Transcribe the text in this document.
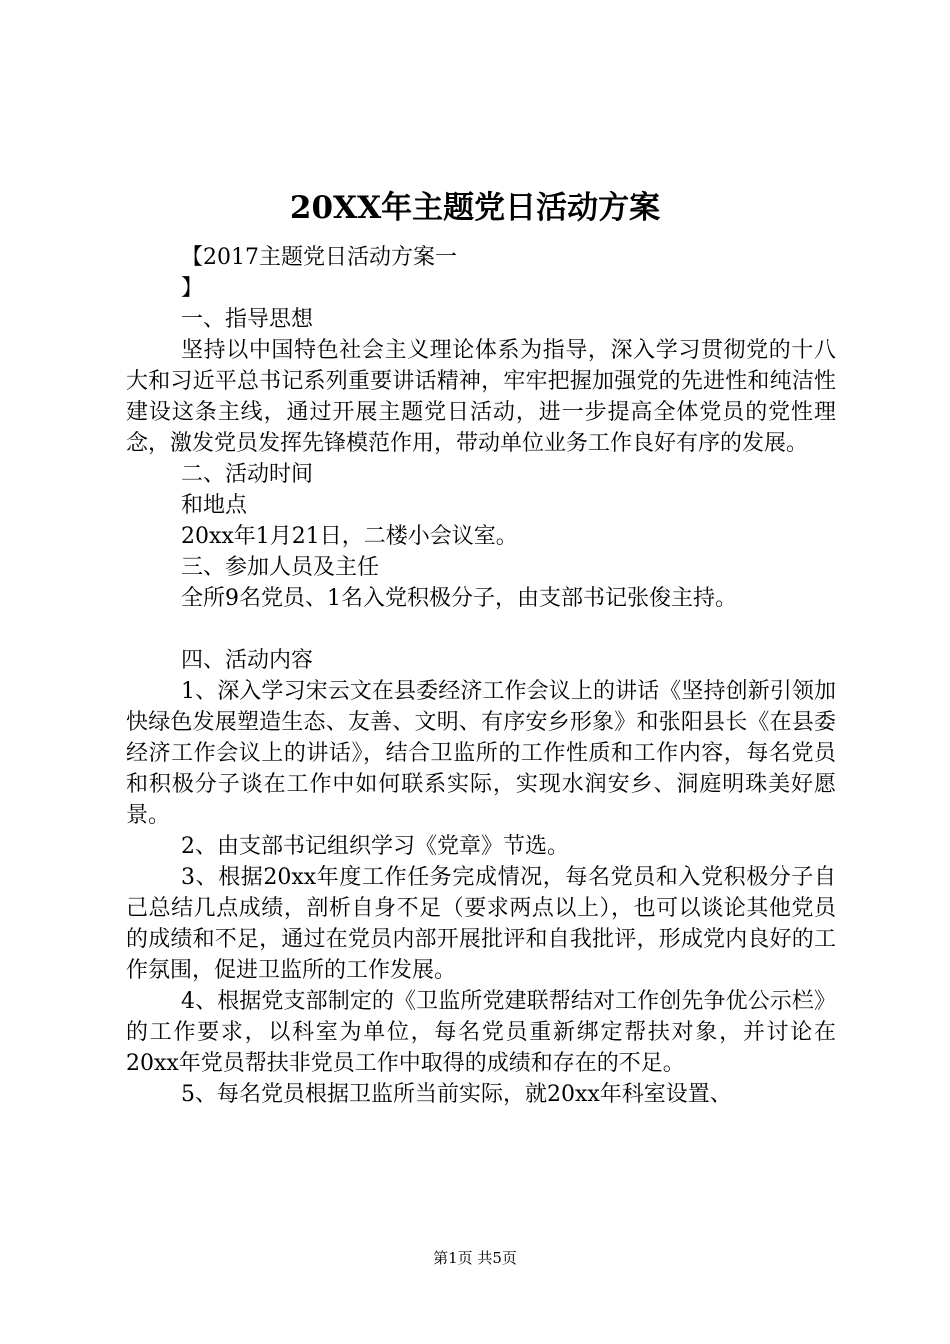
20XX年主题党日活动方案

【2017主题党日活动方案一

】

一、指导思想

坚持以中国特色社会主义理论体系为指导，深入学习贯彻党的十八大和习近平总书记系列重要讲话精神，牢牢把握加强党的先进性和纯洁性建设这条主线，通过开展主题党日活动，进一步提高全体党员的党性理念，激发党员发挥先锋模范作用，带动单位业务工作良好有序的发展。

二、活动时间

和地点

20xx年1月21日，二楼小会议室。

三、参加人员及主任

全所9名党员、1名入党积极分子，由支部书记张俊主持。

四、活动内容

1、深入学习宋云文在县委经济工作会议上的讲话《坚持创新引领加快绿色发展塑造生态、友善、文明、有序安乡形象》和张阳县长《在县委经济工作会议上的讲话》，结合卫监所的工作性质和工作内容，每名党员和积极分子谈在工作中如何联系实际，实现水润安乡、洞庭明珠美好愿景。

2、由支部书记组织学习《党章》节选。

3、根据20xx年度工作任务完成情况，每名党员和入党积极分子自己总结几点成绩，剖析自身不足（要求两点以上），也可以谈论其他党员的成绩和不足，通过在党员内部开展批评和自我批评，形成党内良好的工作氛围，促进卫监所的工作发展。

4、根据党支部制定的《卫监所党建联帮结对工作创先争优公示栏》的工作要求，以科室为单位，每名党员重新绑定帮扶对象，并讨论在20xx年党员帮扶非党员工作中取得的成绩和存在的不足。

5、每名党员根据卫监所当前实际，就20xx年科室设置、

第1页 共5页
